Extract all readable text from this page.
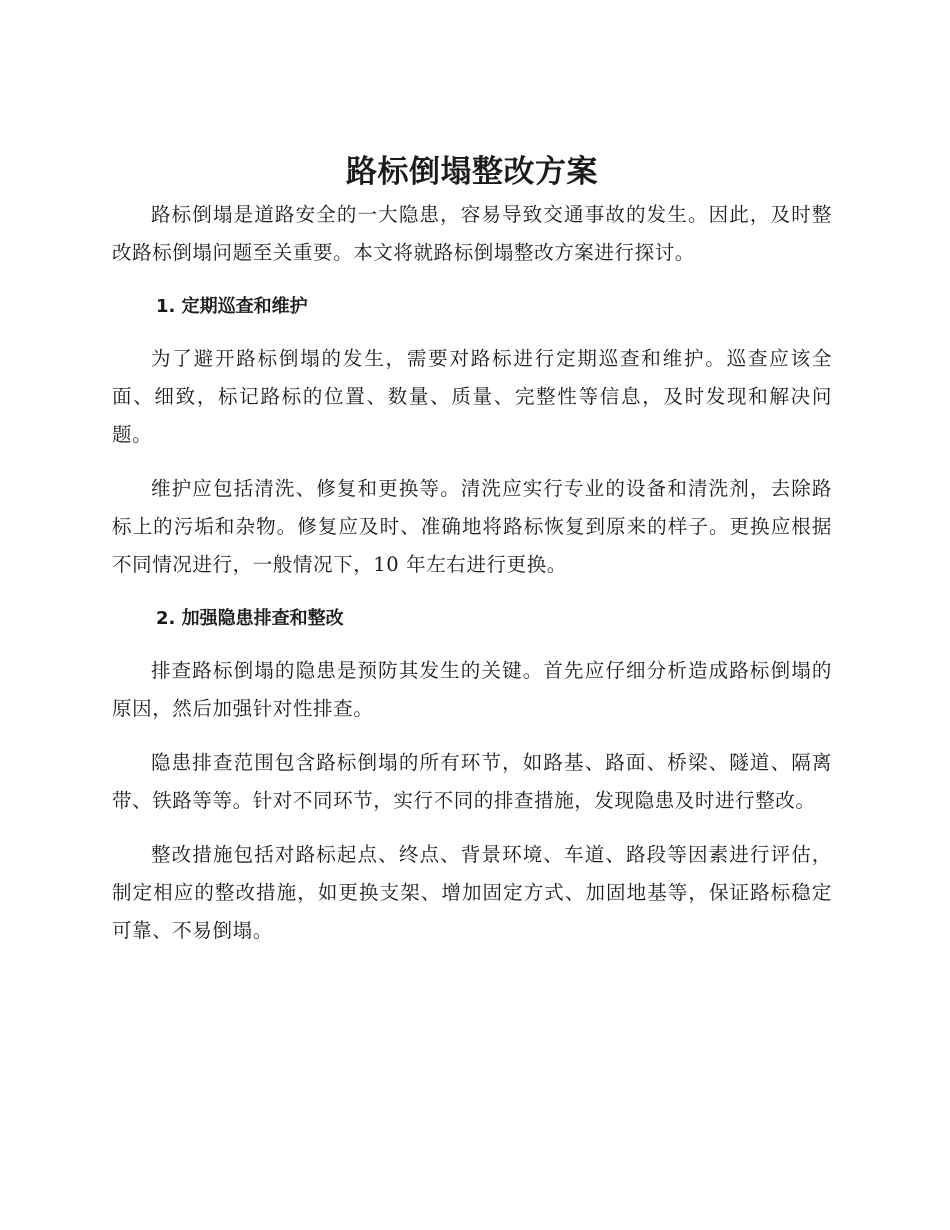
路标倒塌整改方案

路标倒塌是道路安全的一大隐患，容易导致交通事故的发生。因此，及时整改路标倒塌问题至关重要。本文将就路标倒塌整改方案进行探讨。

1. 定期巡查和维护

为了避开路标倒塌的发生，需要对路标进行定期巡查和维护。巡查应该全面、细致，标记路标的位置、数量、质量、完整性等信息，及时发现和解决问题。

维护应包括清洗、修复和更换等。清洗应实行专业的设备和清洗剂，去除路标上的污垢和杂物。修复应及时、准确地将路标恢复到原来的样子。更换应根据不同情况进行，一般情况下，10 年左右进行更换。

2. 加强隐患排查和整改

排查路标倒塌的隐患是预防其发生的关键。首先应仔细分析造成路标倒塌的原因，然后加强针对性排查。

隐患排查范围包含路标倒塌的所有环节，如路基、路面、桥梁、隧道、隔离带、铁路等等。针对不同环节，实行不同的排查措施，发现隐患及时进行整改。

整改措施包括对路标起点、终点、背景环境、车道、路段等因素进行评估，制定相应的整改措施，如更换支架、增加固定方式、加固地基等，保证路标稳定可靠、不易倒塌。
